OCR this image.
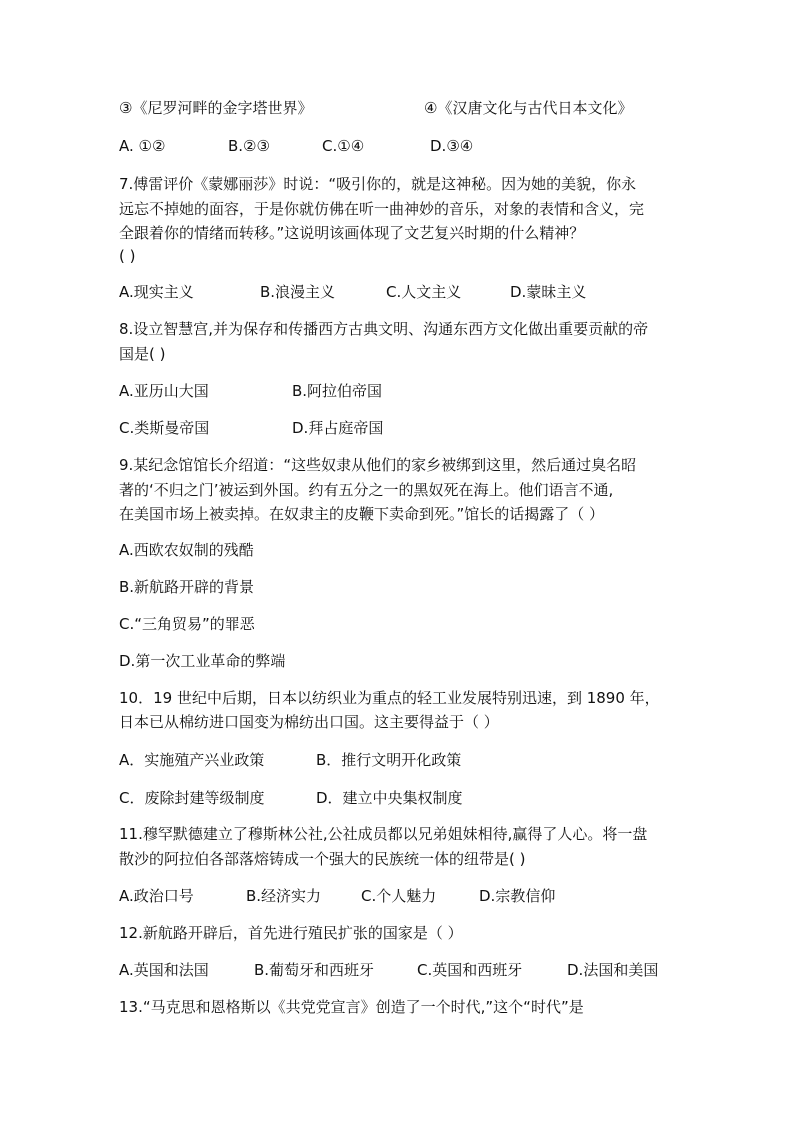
③《尼罗河畔的金字塔世界》	④《汉唐文化与古代日本文化》
A. ①②	B.②③	C.①④	D.③④
7.傅雷评价《蒙娜丽莎》时说：“吸引你的，就是这神秘。因为她的美貌，你永
远忘不掉她的面容，于是你就仿佛在听一曲神妙的音乐，对象的表情和含义，完
全跟着你的情绪而转移。”这说明该画体现了文艺复兴时期的什么精神？
( )
A.现实主义	B.浪漫主义	C.人文主义	D.蒙昧主义
8.设立智慧宫,并为保存和传播西方古典文明、沟通东西方文化做出重要贡献的帝
国是( )
A.亚历山大国	B.阿拉伯帝国
C.类斯曼帝国	D.拜占庭帝国
9.某纪念馆馆长介绍道：“这些奴隶从他们的家乡被绑到这里，然后通过臭名昭
著的‘不归之门’被运到外国。约有五分之一的黑奴死在海上。他们语言不通,
在美国市场上被卖掉。在奴隶主的皮鞭下卖命到死。”馆长的话揭露了（ ）
A.西欧农奴制的残酷
B.新航路开辟的背景
C.“三角贸易”的罪恶
D.第一次工业革命的弊端
10．19 世纪中后期，日本以纺织业为重点的轻工业发展特别迅速，到 1890 年，
日本已从棉纺进口国变为棉纺出口国。这主要得益于（ ）
A．实施殖产兴业政策	B．推行文明开化政策
C．废除封建等级制度	D．建立中央集权制度
11.穆罕默德建立了穆斯林公社,公社成员都以兄弟姐妹相待,赢得了人心。将一盘
散沙的阿拉伯各部落熔铸成一个强大的民族统一体的纽带是( )
A.政治口号	B.经济实力	C.个人魅力	D.宗教信仰
12.新航路开辟后，首先进行殖民扩张的国家是（ ）
A.英国和法国	B.葡萄牙和西班牙	C.英国和西班牙	D.法国和美国
13.“马克思和恩格斯以《共党党宣言》创造了一个时代,”这个“时代”是
